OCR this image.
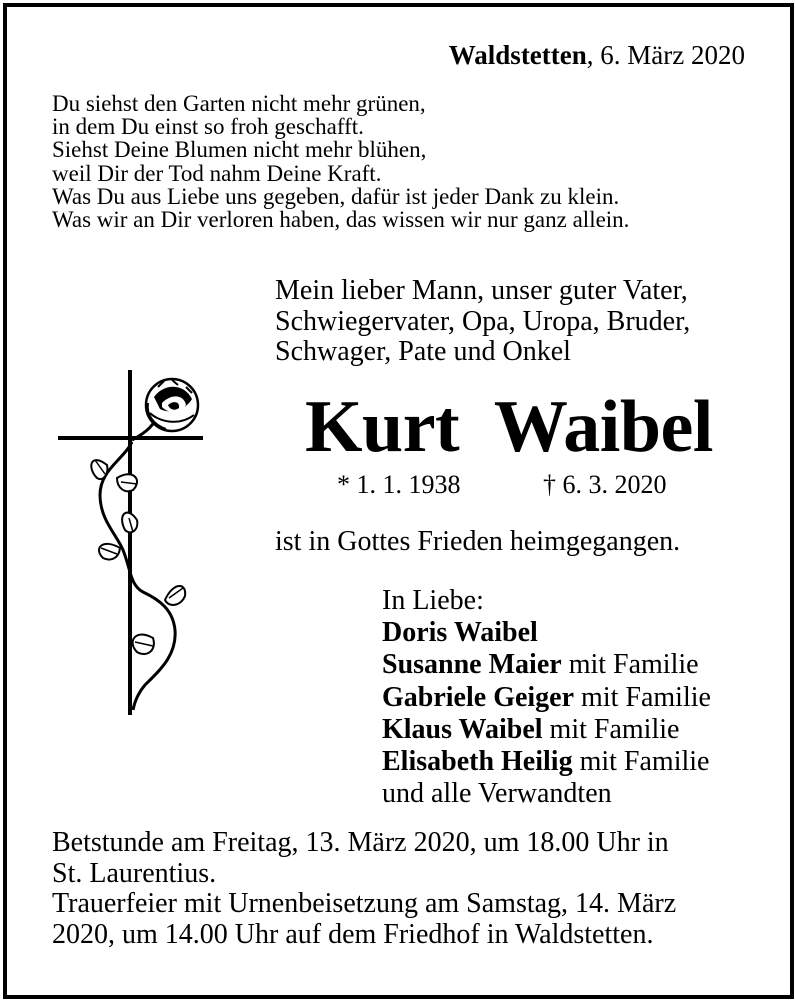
Waldstetten, 6. März 2020
Du siehst den Garten nicht mehr grünen,
in dem Du einst so froh geschafft.
Siehst Deine Blumen nicht mehr blühen,
weil Dir der Tod nahm Deine Kraft.
Was Du aus Liebe uns gegeben, dafür ist jeder Dank zu klein.
Was wir an Dir verloren haben, das wissen wir nur ganz allein.
Mein lieber Mann, unser guter Vater,
Schwiegervater, Opa, Uropa, Bruder,
Schwager, Pate und Onkel
Kurt Waibel
* 1. 1. 1938	† 6. 3. 2020
ist in Gottes Frieden heimgegangen.
In Liebe:
Doris Waibel
Susanne Maier mit Familie
Gabriele Geiger mit Familie
Klaus Waibel mit Familie
Elisabeth Heilig mit Familie
und alle Verwandten
Betstunde am Freitag, 13. März 2020, um 18.00 Uhr in
St. Laurentius.
Trauerfeier mit Urnenbeisetzung am Samstag, 14. März
2020, um 14.00 Uhr auf dem Friedhof in Waldstetten.
